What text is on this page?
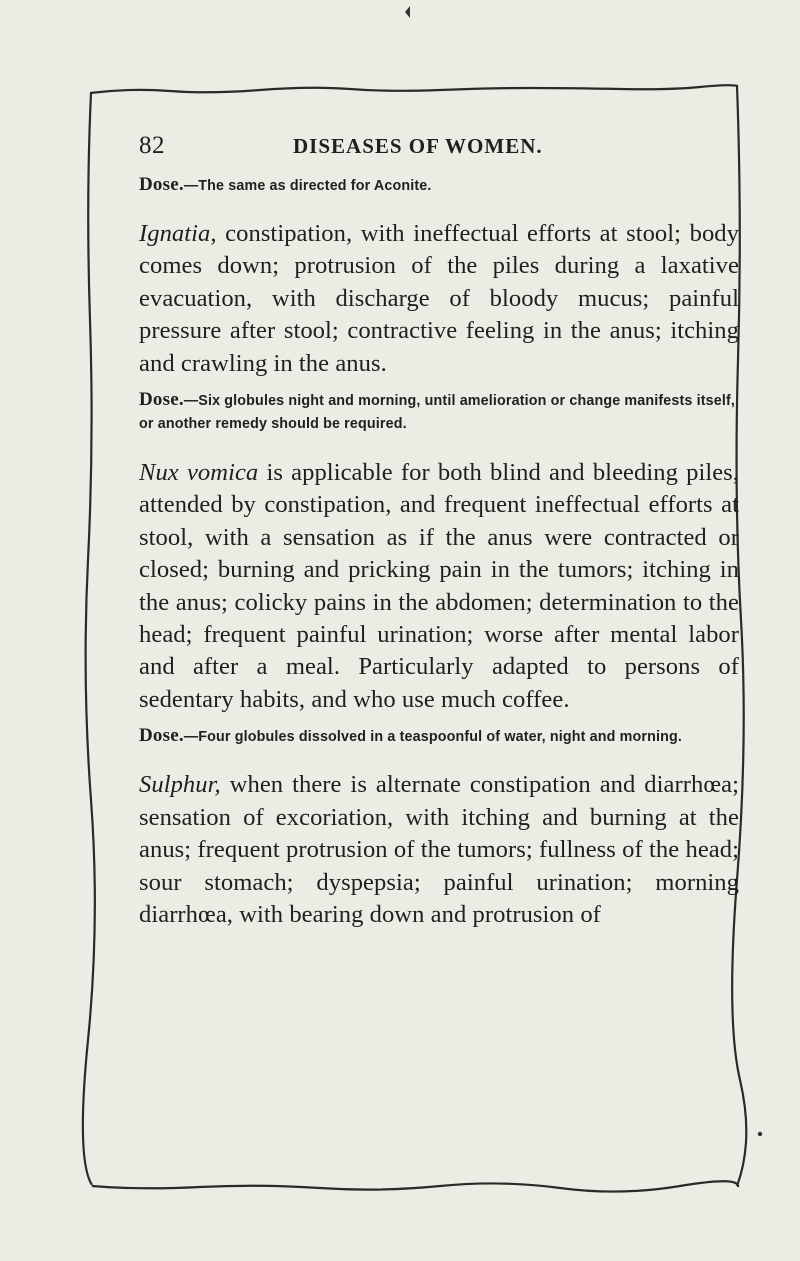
82	DISEASES OF WOMEN.

Dose.—The same as directed for Aconite.

Ignatia, constipation, with ineffectual efforts at stool; body comes down; protrusion of the piles during a laxative evacuation, with discharge of bloody mucus; painful pressure after stool; contractive feeling in the anus; itching and crawling in the anus.

Dose.—Six globules night and morning, until amelioration or change manifests itself, or another remedy should be required.

Nux vomica is applicable for both blind and bleeding piles, attended by constipation, and frequent ineffectual efforts at stool, with a sensation as if the anus were contracted or closed; burning and pricking pain in the tumors; itching in the anus; colicky pains in the abdomen; determination to the head; frequent painful urination; worse after mental labor and after a meal. Particularly adapted to persons of sedentary habits, and who use much coffee.

Dose.—Four globules dissolved in a teaspoonful of water, night and morning.

Sulphur, when there is alternate constipation and diarrhœa; sensation of excoriation, with itching and burning at the anus; frequent protrusion of the tumors; fullness of the head; sour stomach; dyspepsia; painful urination; morning diarrhœa, with bearing down and protrusion of
